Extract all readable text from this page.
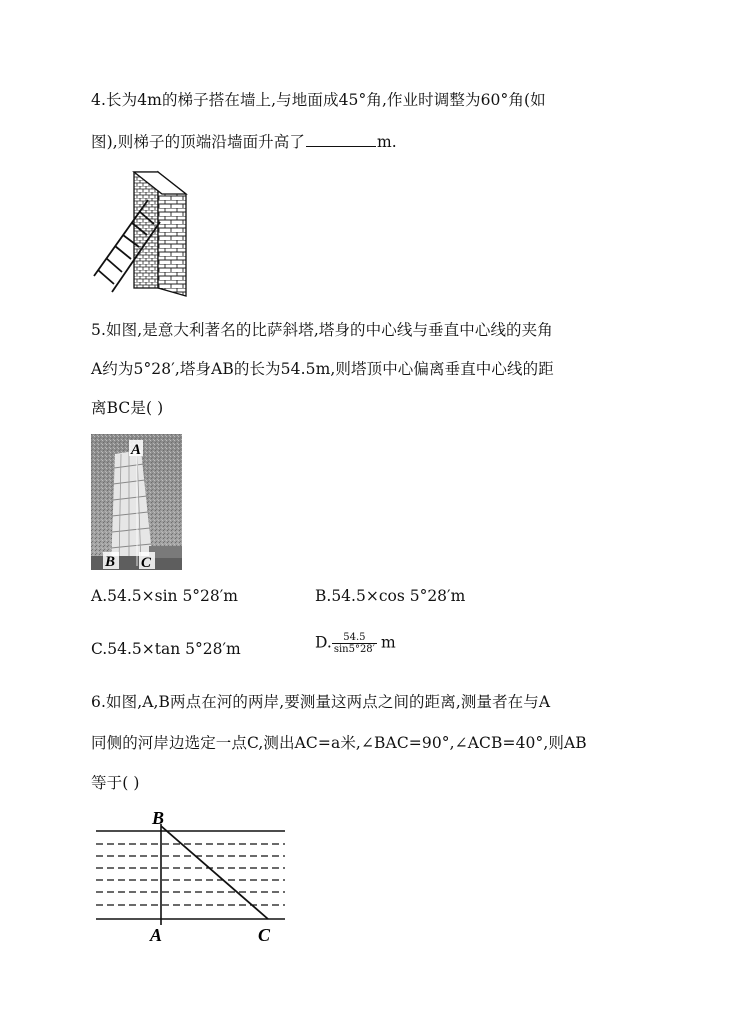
4.长为4m的梯子搭在墙上,与地面成45°角,作业时调整为60°角(如
图),则梯子的顶端沿墙面升高了	m.
5.如图,是意大利著名的比萨斜塔,塔身的中心线与垂直中心线的夹角
A约为5°28′,塔身AB的长为54.5m,则塔顶中心偏离垂直中心线的距
离BC是( )
A
B C
A.54.5×sin 5°28′m	B.54.5×cos 5°28′m
C.54.5×tan 5°28′m	D. $\frac{54.5}{\sin 5^\circ 28'}$ m
6.如图,A,B两点在河的两岸,要测量这两点之间的距离,测量者在与A
同侧的河岸边选定一点C,测出AC=a米,∠BAC=90°,∠ACB=40°,则AB
等于( )
B
A	C
